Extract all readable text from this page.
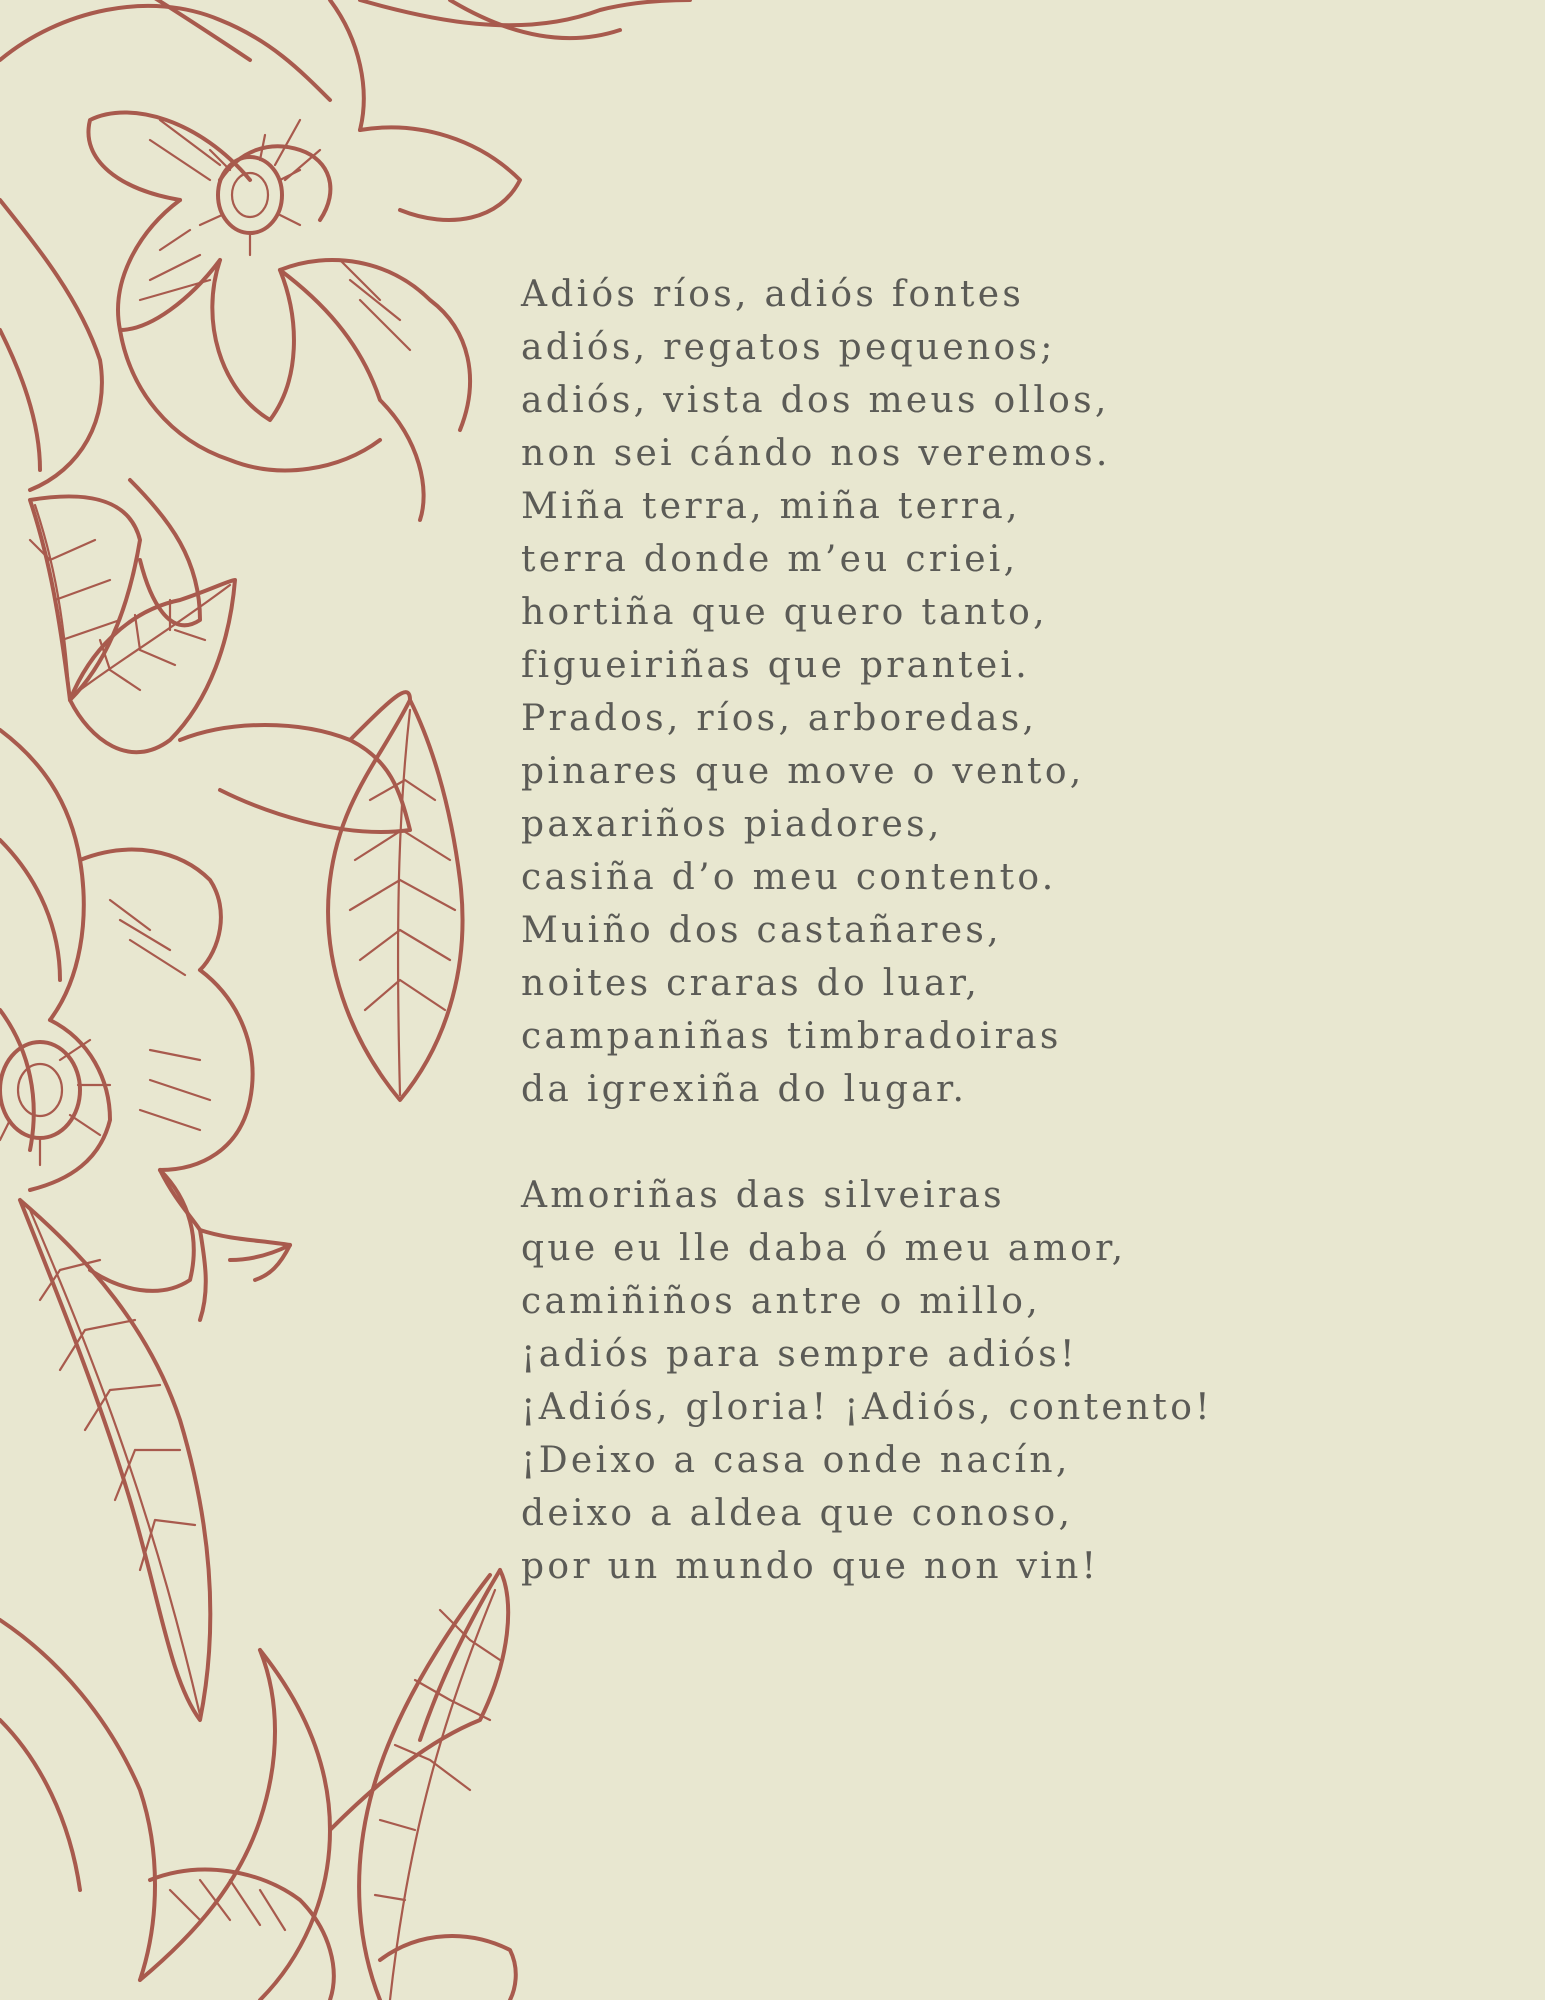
Adiós ríos, adiós fontes
adiós, regatos pequenos;
adiós, vista dos meus ollos,
non sei cándo nos veremos.
Miña terra, miña terra,
terra donde m’eu criei,
hortiña que quero tanto,
figueiriñas que prantei.
Prados, ríos, arboredas,
pinares que move o vento,
paxariños piadores,
casiña d’o meu contento.
Muiño dos castañares,
noites craras do luar,
campaniñas timbradoiras
da igrexiña do lugar.
Amoriñas das silveiras
que eu lle daba ó meu amor,
camiñiños antre o millo,
¡adiós para sempre adiós!
¡Adiós, gloria! ¡Adiós, contento!
¡Deixo a casa onde nacín,
deixo a aldea que conoso,
por un mundo que non vin!
